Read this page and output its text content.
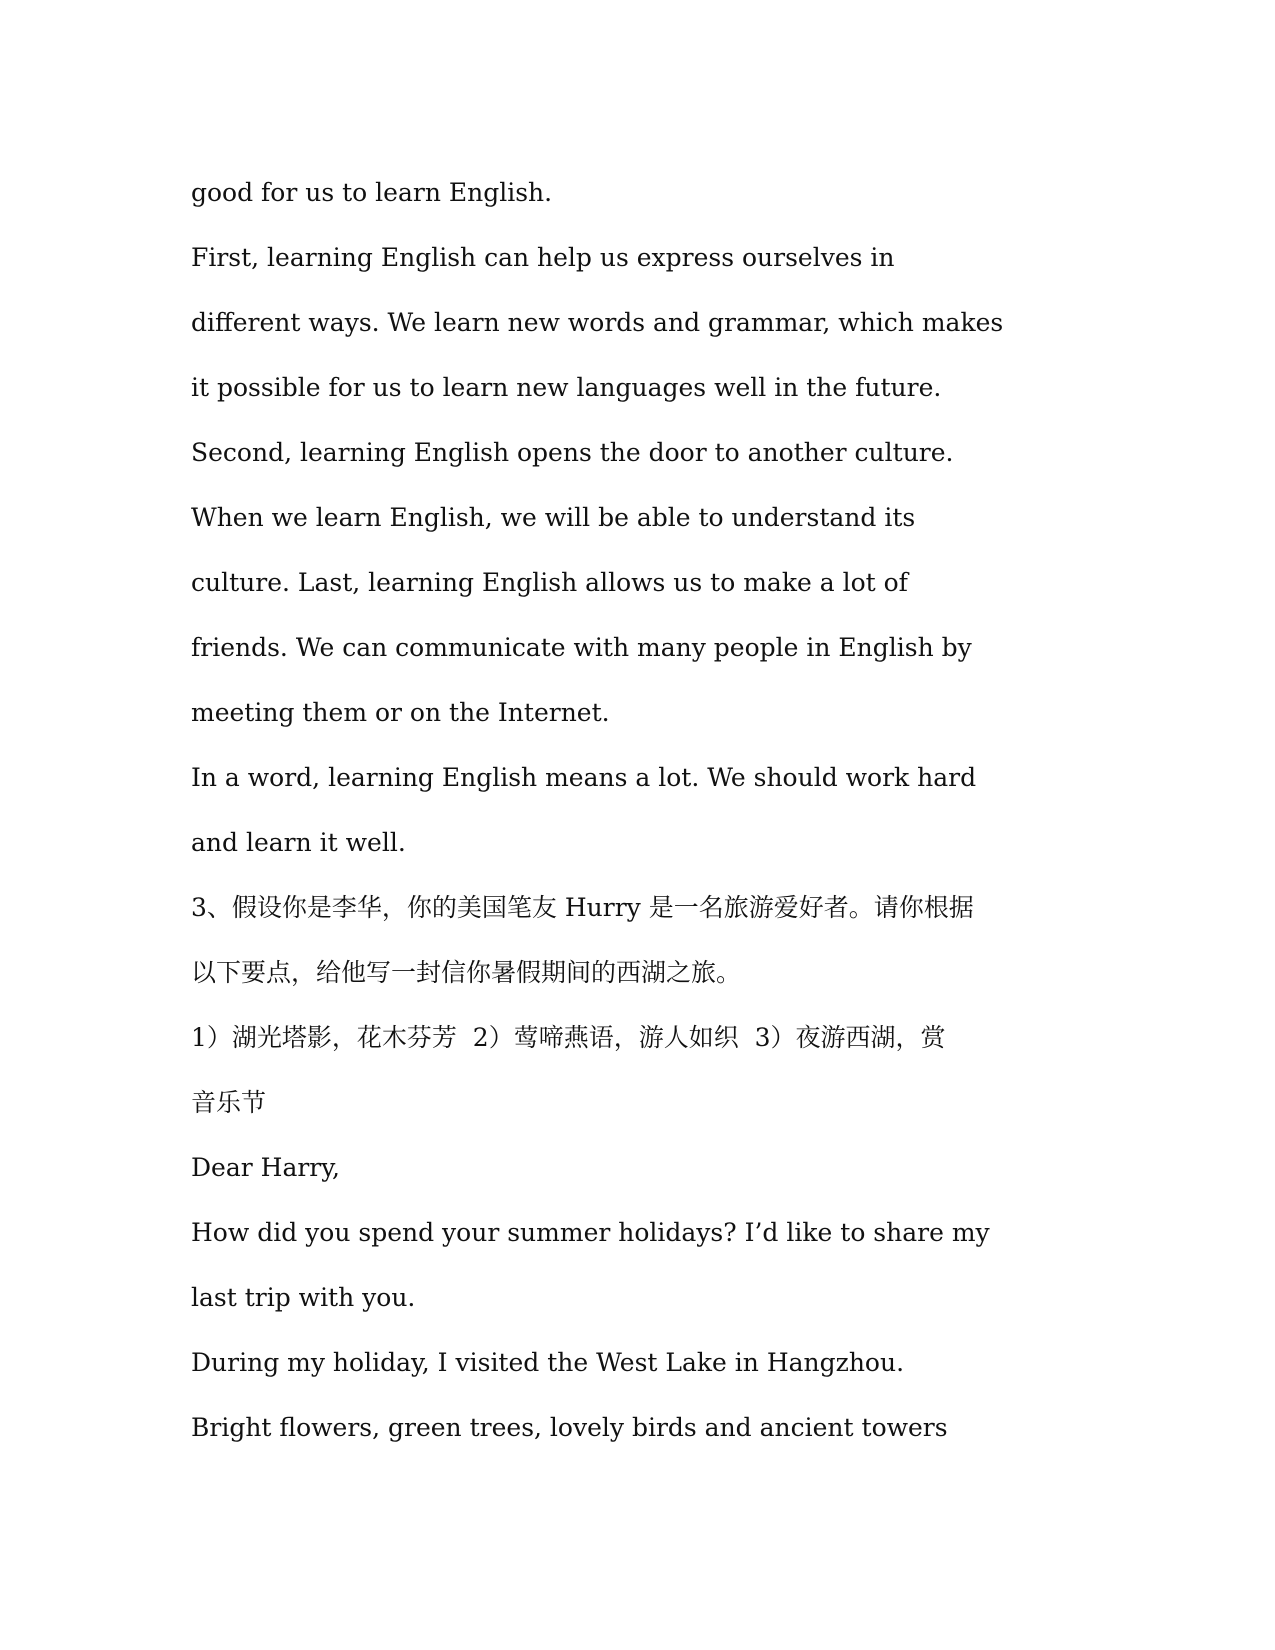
good for us to learn English.

First, learning English can help us express ourselves in

different ways. We learn new words and grammar, which makes

it possible for us to learn new languages well in the future.

Second, learning English opens the door to another culture.

When we learn English, we will be able to understand its

culture. Last, learning English allows us to make a lot of

friends. We can communicate with many people in English by

meeting them or on the Internet.

In a word, learning English means a lot. We should work hard

and learn it well.

3、假设你是李华，你的美国笔友 Hurry 是一名旅游爱好者。请你根据

以下要点，给他写一封信你暑假期间的西湖之旅。

1）湖光塔影，花木芬芳  2）莺啼燕语，游人如织  3）夜游西湖，赏

音乐节

Dear Harry,

How did you spend your summer holidays? I’d like to share my

last trip with you.

During my holiday, I visited the West Lake in Hangzhou.

Bright flowers, green trees, lovely birds and ancient towers
